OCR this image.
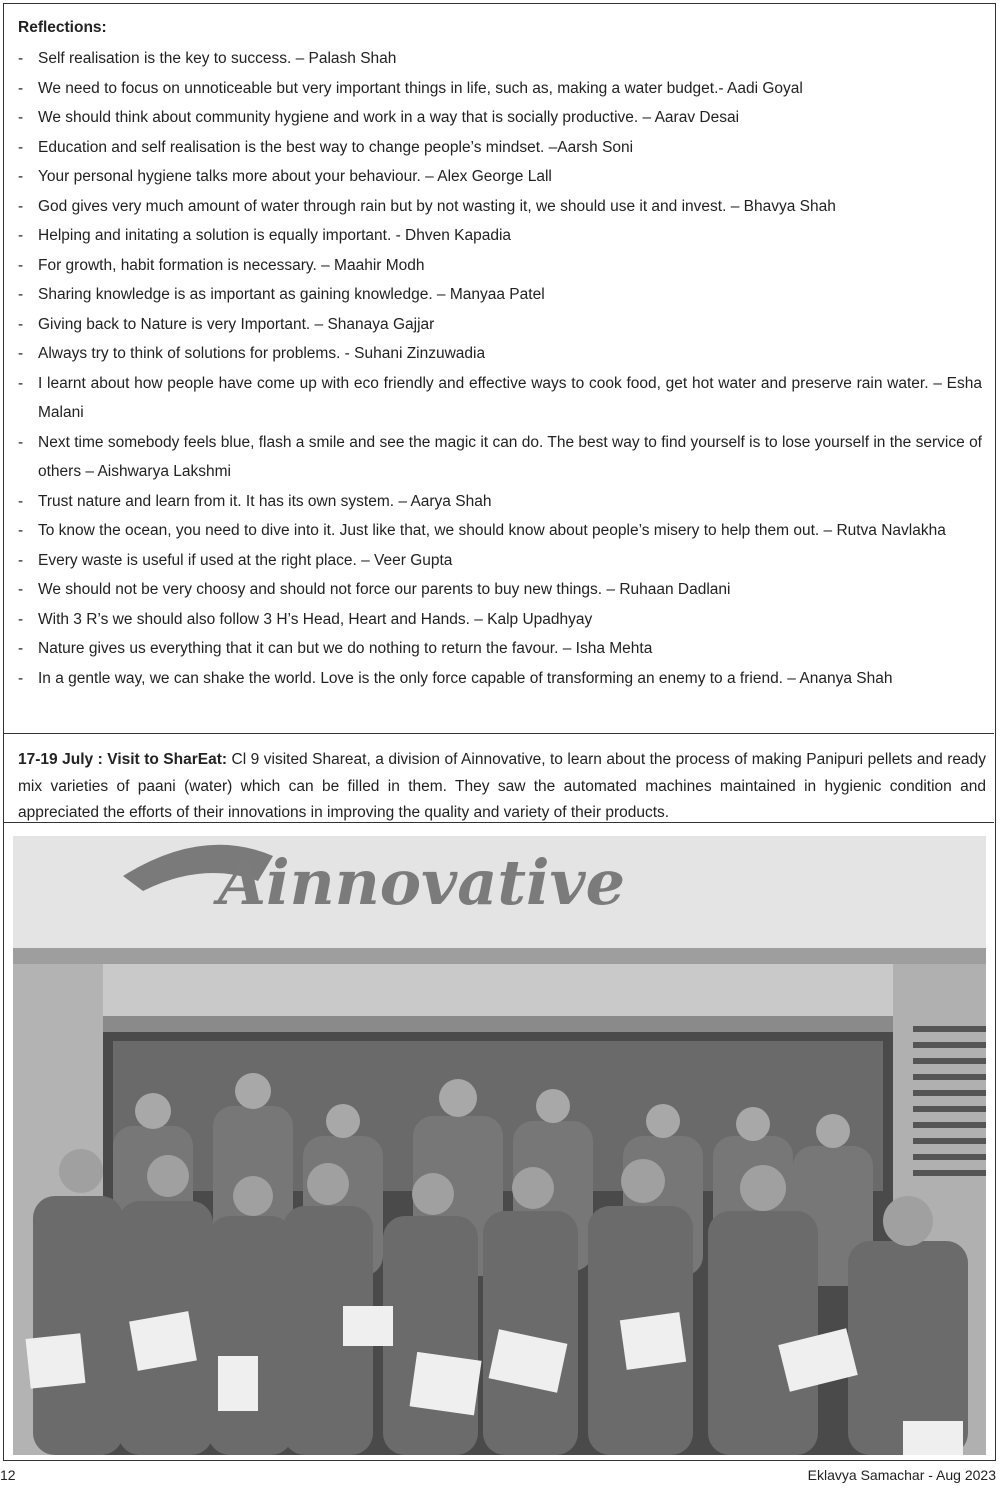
Reflections:
- Self realisation is the key to success. – Palash Shah
- We need to focus on unnoticeable but very important things in life, such as, making a water budget.- Aadi Goyal
- We should think about community hygiene and work in a way that is socially productive. – Aarav Desai
- Education and self realisation is the best way to change people’s mindset. –Aarsh Soni
- Your personal hygiene talks more about your behaviour. – Alex George Lall
- God gives very much amount of water through rain but by not wasting it, we should use it and invest. – Bhavya Shah
- Helping and initating a solution is equally important. - Dhven Kapadia
- For growth, habit formation is necessary. – Maahir Modh
- Sharing knowledge is as important as gaining knowledge. – Manyaa Patel
- Giving back to Nature is very Important. – Shanaya Gajjar
- Always try to think of solutions for problems. - Suhani Zinzuwadia
- I learnt about how people have come up with eco friendly and effective ways to cook food, get hot water and preserve rain water. – Esha Malani
- Next time somebody feels blue, flash a smile and see the magic it can do. The best way to find yourself is to lose yourself in the service of others – Aishwarya Lakshmi
- Trust nature and learn from it. It has its own system. – Aarya Shah
- To know the ocean, you need to dive into it. Just like that, we should know about people’s misery to help them out. – Rutva Navlakha
- Every waste is useful if used at the right place. – Veer Gupta
- We should not be very choosy and should not force our parents to buy new things. – Ruhaan Dadlani
- With 3 R’s we should also follow 3 H’s Head, Heart and Hands. – Kalp Upadhyay
- Nature gives us everything that it can but we do nothing to return the favour. – Isha Mehta
- In a gentle way, we can shake the world. Love is the only force capable of transforming an enemy to a friend. – Ananya Shah
17-19 July : Visit to SharEat: Cl 9 visited Shareat, a division of Ainnovative, to learn about the process of making Panipuri pellets and ready mix varieties of paani (water) which can be filled in them. They saw the automated machines maintained in hygienic condition and appreciated the efforts of their innovations in improving the quality and variety of their products.
Ainnovative
12	Eklavya Samachar - Aug 2023
